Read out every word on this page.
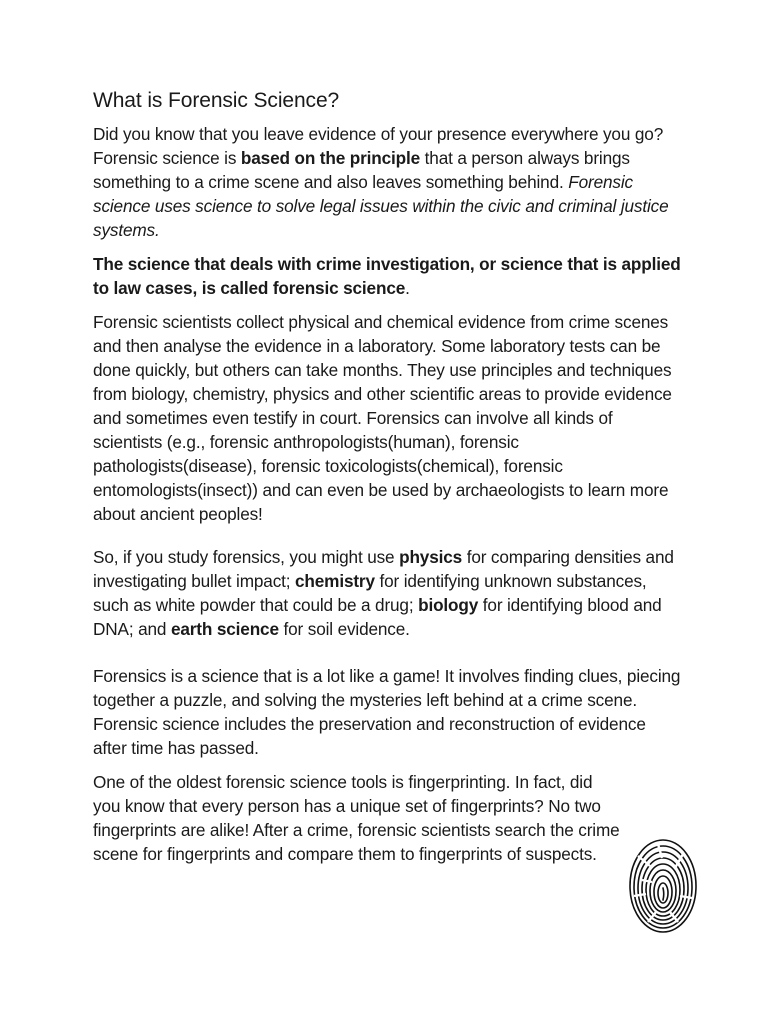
What is Forensic Science?

Did you know that you leave evidence of your presence everywhere you go? Forensic science is based on the principle that a person always brings something to a crime scene and also leaves something behind. Forensic science uses science to solve legal issues within the civic and criminal justice systems.

The science that deals with crime investigation, or science that is applied to law cases, is called forensic science.

Forensic scientists collect physical and chemical evidence from crime scenes and then analyse the evidence in a laboratory. Some laboratory tests can be done quickly, but others can take months. They use principles and techniques from biology, chemistry, physics and other scientific areas to provide evidence and sometimes even testify in court. Forensics can involve all kinds of scientists (e.g., forensic anthropologists(human), forensic pathologists(disease), forensic toxicologists(chemical), forensic entomologists(insect)) and can even be used by archaeologists to learn more about ancient peoples!

So, if you study forensics, you might use physics for comparing densities and investigating bullet impact; chemistry for identifying unknown substances, such as white powder that could be a drug; biology for identifying blood and DNA; and earth science for soil evidence.

Forensics is a science that is a lot like a game! It involves finding clues, piecing together a puzzle, and solving the mysteries left behind at a crime scene. Forensic science includes the preservation and reconstruction of evidence after time has passed.

One of the oldest forensic science tools is fingerprinting. In fact, did you know that every person has a unique set of fingerprints? No two fingerprints are alike! After a crime, forensic scientists search the crime scene for fingerprints and compare them to fingerprints of suspects.
